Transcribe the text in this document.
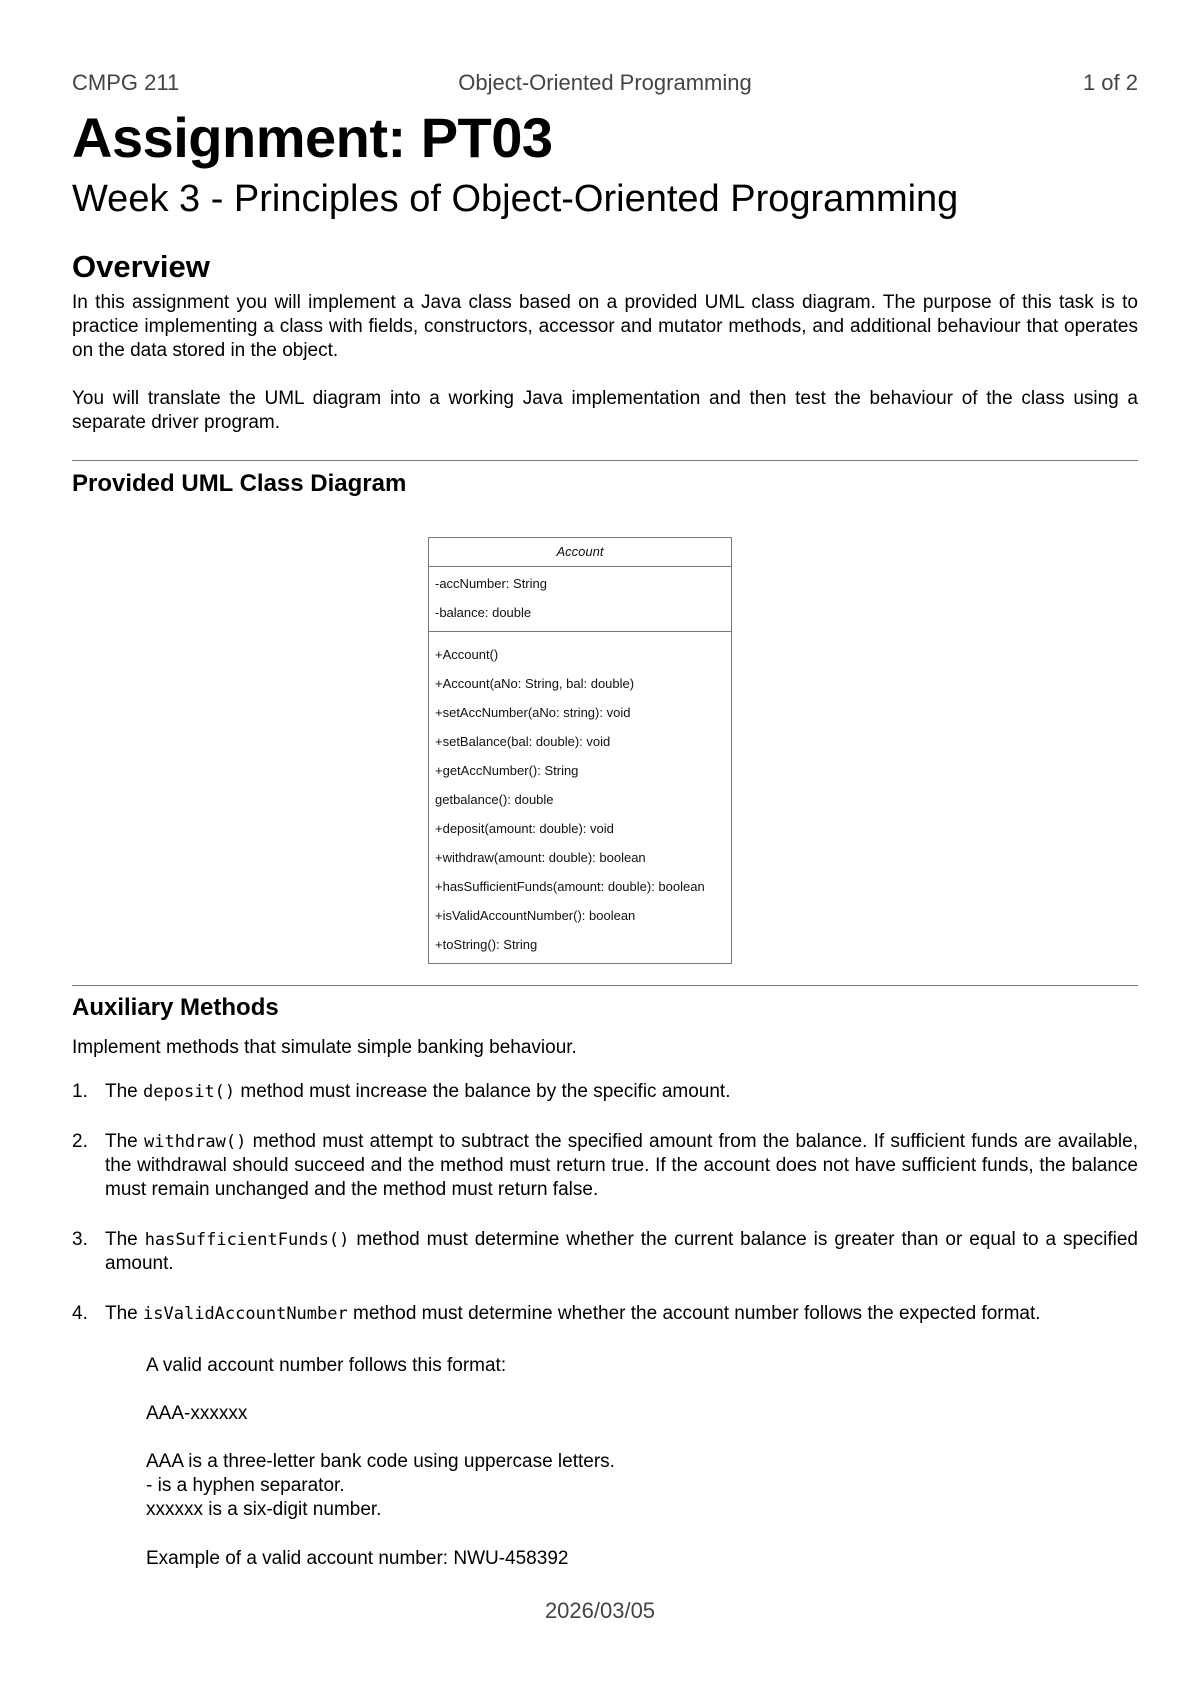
CMPG 211	Object-Oriented Programming	1 of 2
Assignment: PT03
Week 3 - Principles of Object-Oriented Programming
Overview

In this assignment you will implement a Java class based on a provided UML class diagram. The purpose of this task is to practice implementing a class with fields, constructors, accessor and mutator methods, and additional behaviour that operates on the data stored in the object.

You will translate the UML diagram into a working Java implementation and then test the behaviour of the class using a separate driver program.

Provided UML Class Diagram
Account
-accNumber: String
-balance: double
+Account()
+Account(aNo: String, bal: double)
+setAccNumber(aNo: string): void
+setBalance(bal: double): void
+getAccNumber(): String
getbalance(): double
+deposit(amount: double): void
+withdraw(amount: double): boolean
+hasSufficientFunds(amount: double): boolean
+isValidAccountNumber(): boolean
+toString(): String
Auxiliary Methods

Implement methods that simulate simple banking behaviour.

1. The deposit() method must increase the balance by the specific amount.
2. The withdraw() method must attempt to subtract the specified amount from the balance. If sufficient funds are available, the withdrawal should succeed and the method must return true. If the account does not have sufficient funds, the balance must remain unchanged and the method must return false.
3. The hasSufficientFunds() method must determine whether the current balance is greater than or equal to a specified amount.
4. The isValidAccountNumber method must determine whether the account number follows the expected format.

A valid account number follows this format:

AAA-xxxxxx

AAA is a three-letter bank code using uppercase letters.

- is a hyphen separator.

xxxxxx is a six-digit number.

Example of a valid account number: NWU-458392

2026/03/05
